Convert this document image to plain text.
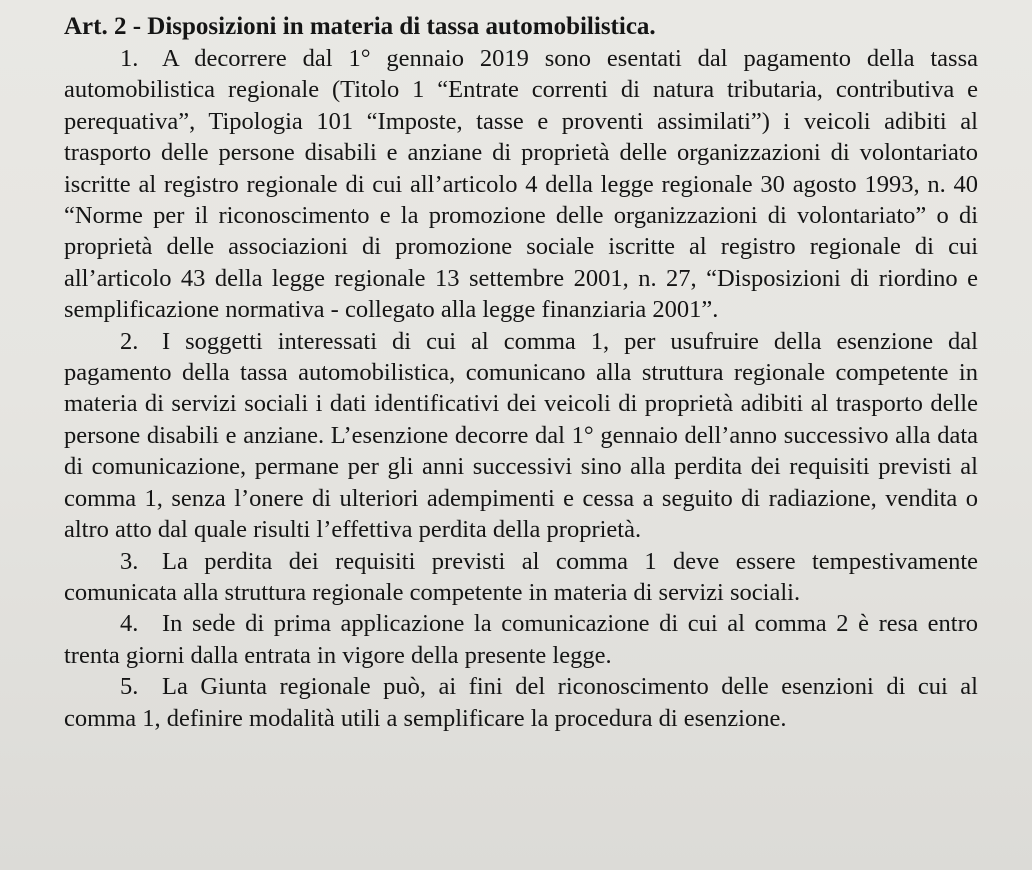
Art. 2 - Disposizioni in materia di tassa automobilistica.

1. A decorrere dal 1° gennaio 2019 sono esentati dal pagamento della tassa automobilistica regionale (Titolo 1 “Entrate correnti di natura tributaria, contributiva e perequativa”, Tipologia 101 “Imposte, tasse e proventi assimilati”) i veicoli adibiti al trasporto delle persone disabili e anziane di proprietà delle organizzazioni di volontariato iscritte al registro regionale di cui all’articolo 4 della legge regionale 30 agosto 1993, n. 40 “Norme per il riconoscimento e la promozione delle organizzazioni di volontariato” o di proprietà delle associazioni di promozione sociale iscritte al registro regionale di cui all’articolo 43 della legge regionale 13 settembre 2001, n. 27, “Disposizioni di riordino e semplificazione normativa - collegato alla legge finanziaria 2001”.

2. I soggetti interessati di cui al comma 1, per usufruire della esenzione dal pagamento della tassa automobilistica, comunicano alla struttura regionale competente in materia di servizi sociali i dati identificativi dei veicoli di proprietà adibiti al trasporto delle persone disabili e anziane. L’esenzione decorre dal 1° gennaio dell’anno successivo alla data di comunicazione, permane per gli anni successivi sino alla perdita dei requisiti previsti al comma 1, senza l’onere di ulteriori adempimenti e cessa a seguito di radiazione, vendita o altro atto dal quale risulti l’effettiva perdita della proprietà.

3. La perdita dei requisiti previsti al comma 1 deve essere tempestivamente comunicata alla struttura regionale competente in materia di servizi sociali.

4. In sede di prima applicazione la comunicazione di cui al comma 2 è resa entro trenta giorni dalla entrata in vigore della presente legge.

5. La Giunta regionale può, ai fini del riconoscimento delle esenzioni di cui al comma 1, definire modalità utili a semplificare la procedura di esenzione.
